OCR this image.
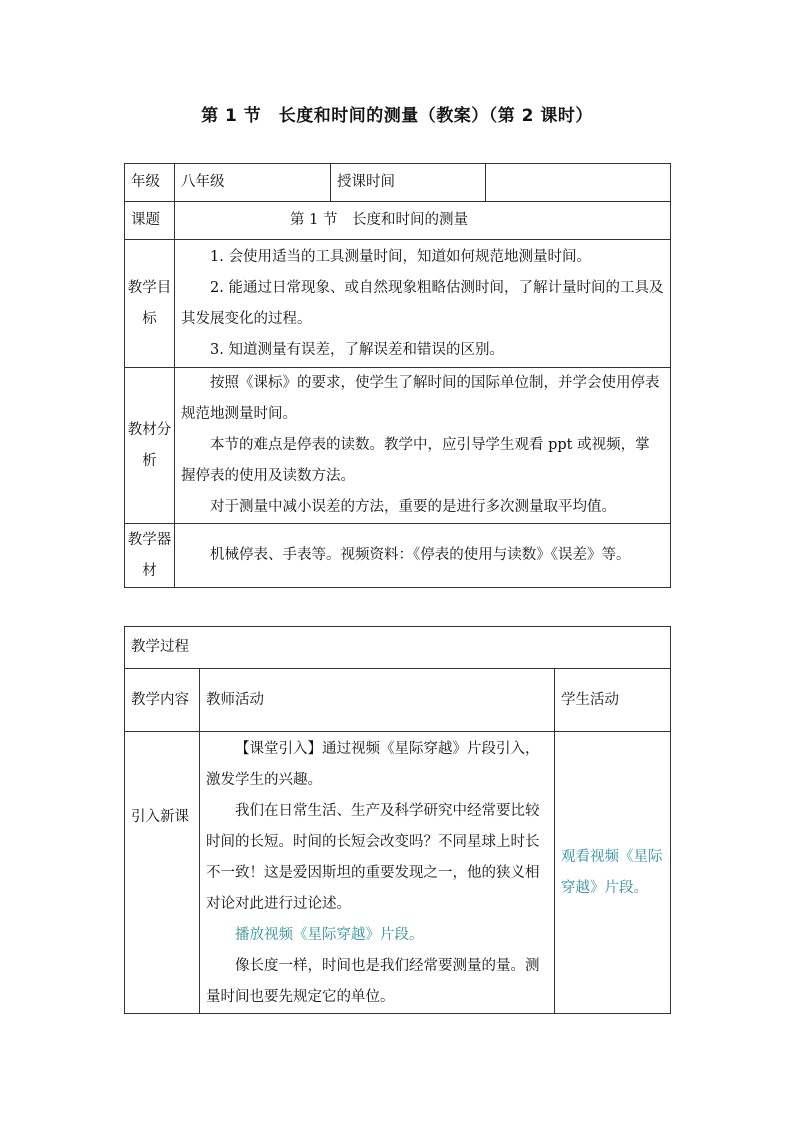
第 1 节　长度和时间的测量（教案）（第 2 课时）
年级	八年级	授课时间	
课题	第 1 节　长度和时间的测量		
教学目标	1. 会使用适当的工具测量时间，知道如何规范地测量时间。

2. 能通过日常现象、或自然现象粗略估测时间，了解计量时间的工具及其发展变化的过程。

3. 知道测量有误差，了解误差和错误的区别。		

教材分析	按照《课标》的要求，使学生了解时间的国际单位制，并学会使用停表规范地测量时间。

本节的难点是停表的读数。教学中，应引导学生观看 ppt 或视频，掌握停表的使用及读数方法。

对于测量中减小误差的方法，重要的是进行多次测量取平均值。		

教学器材	机械停表、手表等。视频资料：《停表的使用与读数》《误差》等。		

教学过程		
教学内容	教师活动	学生活动
引入新课	【课堂引入】通过视频《星际穿越》片段引入，激发学生的兴趣。

我们在日常生活、生产及科学研究中经常要比较时间的长短。时间的长短会改变吗？不同星球上时长不一致！这是爱因斯坦的重要发现之一，他的狭义相对论对此进行过论述。

播放视频《星际穿越》片段。

像长度一样，时间也是我们经常要测量的量。测量时间也要先规定它的单位。	观看视频《星际穿越》片段。
